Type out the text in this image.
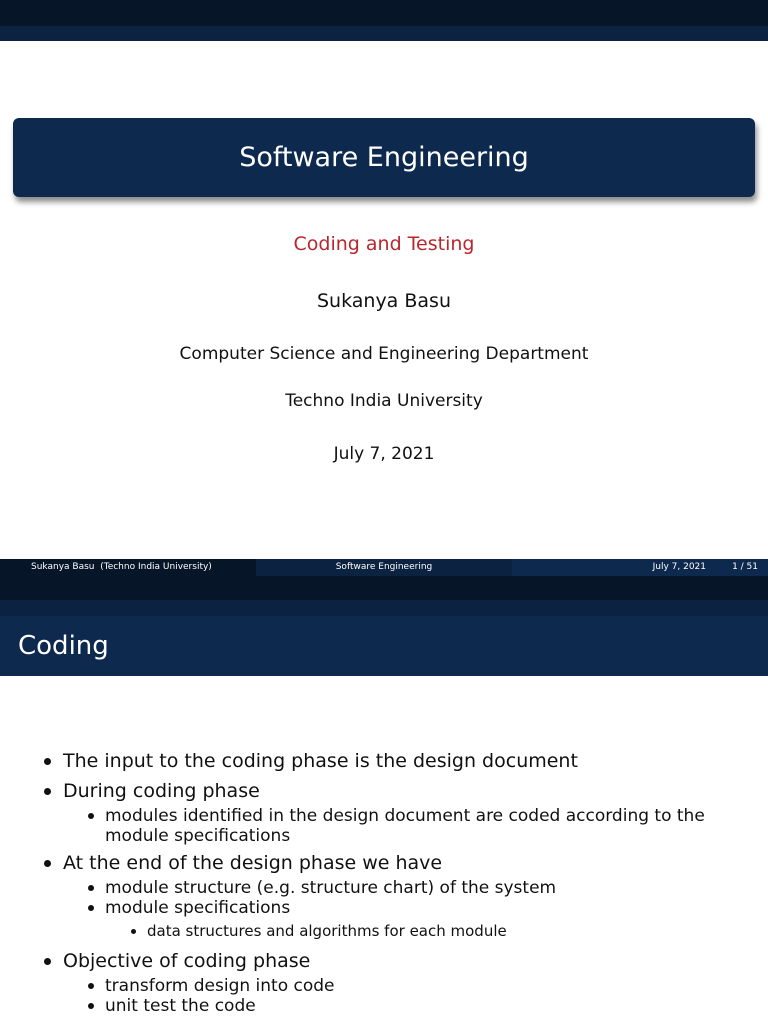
Software Engineering
Coding and Testing
Sukanya Basu
Computer Science and Engineering Department
Techno India University
July 7, 2021
Sukanya Basu (Techno India University)	Software Engineering	July 7, 2021	1 / 51
Coding
The input to the coding phase is the design document
During coding phase
modules identified in the design document are coded according to the module specifications
At the end of the design phase we have
module structure (e.g. structure chart) of the system
module specifications
data structures and algorithms for each module
Objective of coding phase
transform design into code
unit test the code
